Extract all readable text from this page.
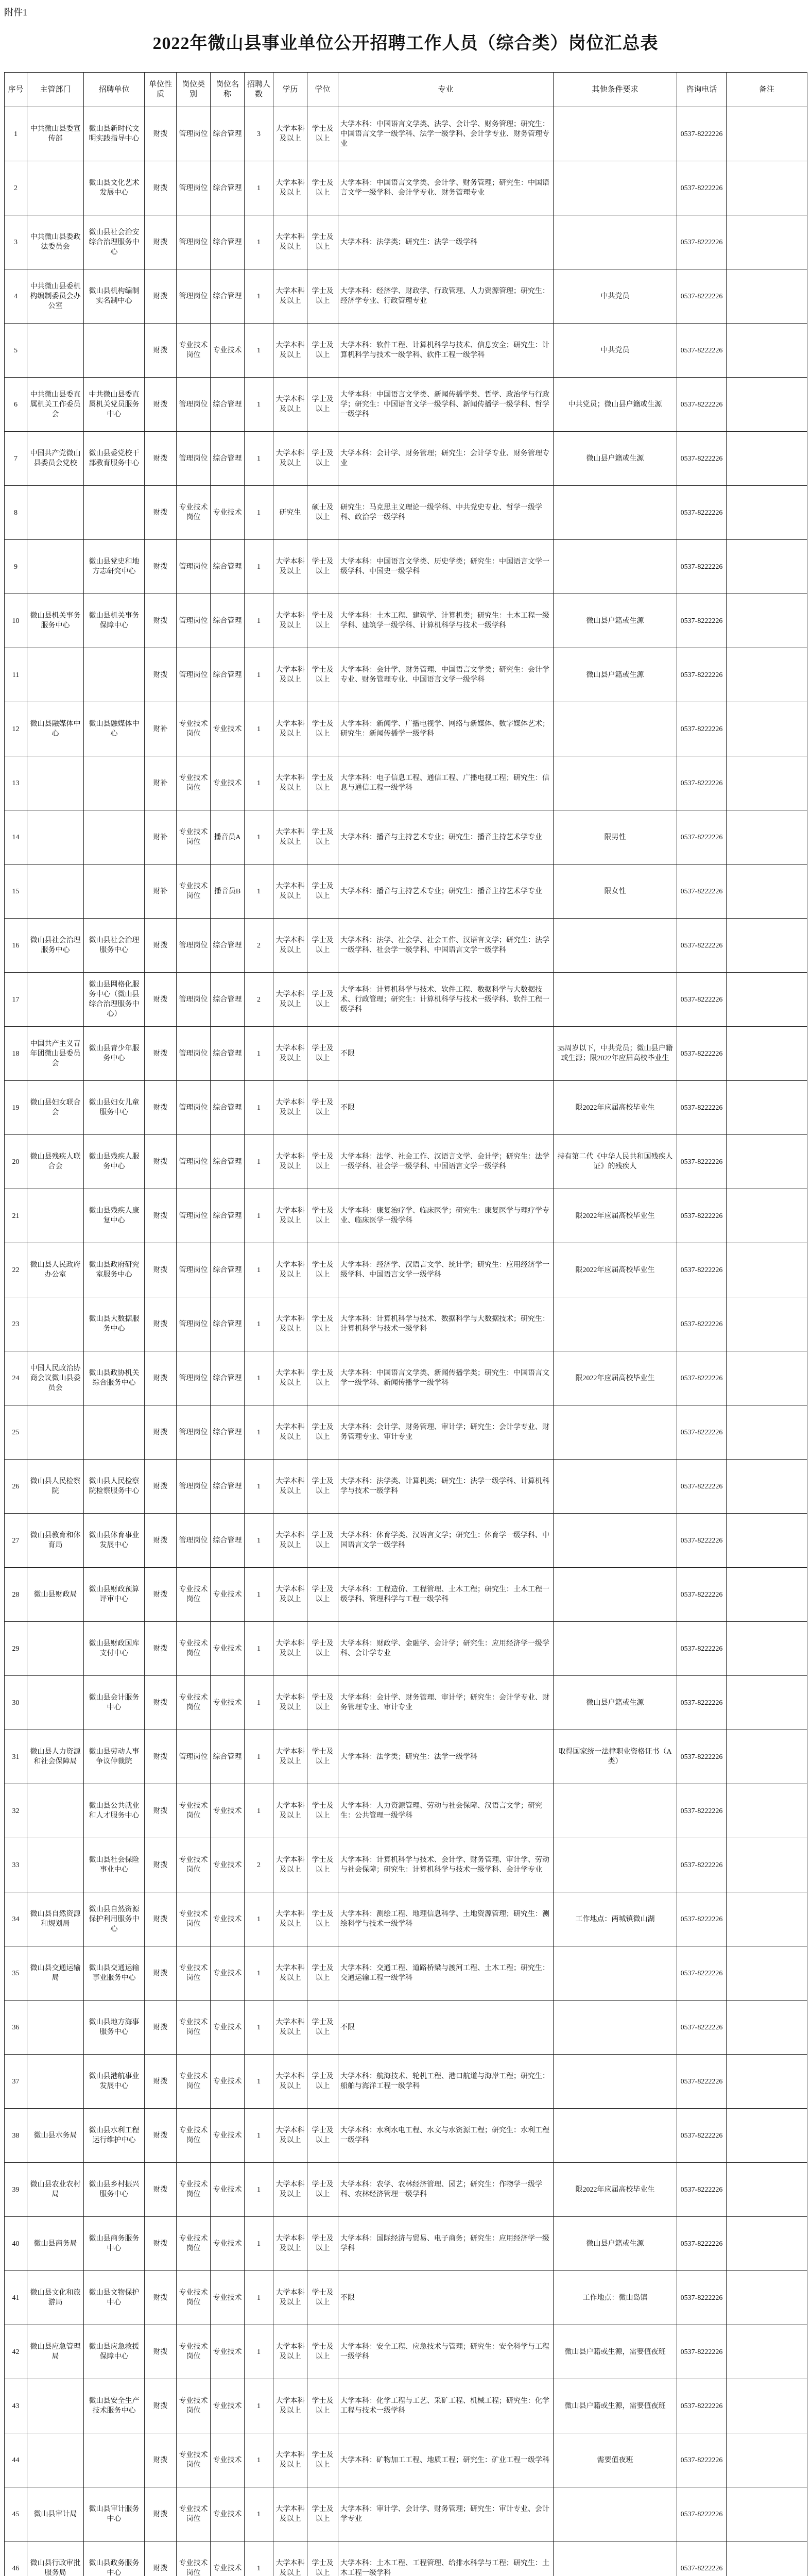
附件1
2022年微山县事业单位公开招聘工作人员（综合类）岗位汇总表
序号	主管部门	招聘单位	单位性质	岗位类别	岗位名称	招聘人数	学历	学位	专业	其他条件要求	咨询电话	备注
1	中共微山县委宣传部	微山县新时代文明实践指导中心	财拨	管理岗位	综合管理	3	大学本科及以上	学士及以上	大学本科：中国语言文学类、法学、会计学、财务管理；研究生：中国语言文学一级学科、法学一级学科、会计学专业、财务管理专业		0537-8222226	
2		微山县文化艺术发展中心	财拨	管理岗位	综合管理	1	大学本科及以上	学士及以上	大学本科：中国语言文学类、会计学、财务管理；研究生：中国语言文学一级学科、会计学专业、财务管理专业		0537-8222226	
3	中共微山县委政法委员会	微山县社会治安综合治理服务中心	财拨	管理岗位	综合管理	1	大学本科及以上	学士及以上	大学本科：法学类；研究生：法学一级学科		0537-8222226	
4	中共微山县委机构编制委员会办公室	微山县机构编制实名制中心	财拨	管理岗位	综合管理	1	大学本科及以上	学士及以上	大学本科：经济学、财政学、行政管理、人力资源管理；研究生：经济学专业、行政管理专业	中共党员	0537-8222226	
5			财拨	专业技术岗位	专业技术	1	大学本科及以上	学士及以上	大学本科：软件工程、计算机科学与技术、信息安全；研究生：计算机科学与技术一级学科、软件工程一级学科	中共党员	0537-8222226	
6	中共微山县委直属机关工作委员会	中共微山县委直属机关党员服务中心	财拨	管理岗位	综合管理	1	大学本科及以上	学士及以上	大学本科：中国语言文学类、新闻传播学类、哲学、政治学与行政学；研究生：中国语言文学一级学科、新闻传播学一级学科、哲学一级学科	中共党员；微山县户籍或生源	0537-8222226	
7	中国共产党微山县委员会党校	微山县委党校干部教育服务中心	财拨	管理岗位	综合管理	1	大学本科及以上	学士及以上	大学本科：会计学、财务管理；研究生：会计学专业、财务管理专业	微山县户籍或生源	0537-8222226	
8			财拨	专业技术岗位	专业技术	1	研究生	硕士及以上	研究生：马克思主义理论一级学科、中共党史专业、哲学一级学科、政治学一级学科		0537-8222226	
9		微山县党史和地方志研究中心	财拨	管理岗位	综合管理	1	大学本科及以上	学士及以上	大学本科：中国语言文学类、历史学类；研究生：中国语言文学一级学科、中国史一级学科		0537-8222226	
10	微山县机关事务服务中心	微山县机关事务保障中心	财拨	管理岗位	综合管理	1	大学本科及以上	学士及以上	大学本科：土木工程、建筑学、计算机类；研究生：土木工程一级学科、建筑学一级学科、计算机科学与技术一级学科	微山县户籍或生源	0537-8222226	
11			财拨	管理岗位	综合管理	1	大学本科及以上	学士及以上	大学本科：会计学、财务管理、中国语言文学类；研究生：会计学专业、财务管理专业、中国语言文学一级学科	微山县户籍或生源	0537-8222226	
12	微山县融媒体中心	微山县融媒体中心	财补	专业技术岗位	专业技术	1	大学本科及以上	学士及以上	大学本科：新闻学、广播电视学、网络与新媒体、数字媒体艺术；研究生：新闻传播学一级学科		0537-8222226	
13			财补	专业技术岗位	专业技术	1	大学本科及以上	学士及以上	大学本科：电子信息工程、通信工程、广播电视工程；研究生：信息与通信工程一级学科		0537-8222226	
14			财补	专业技术岗位	播音员A	1	大学本科及以上	学士及以上	大学本科：播音与主持艺术专业；研究生：播音主持艺术学专业	限男性	0537-8222226	
15			财补	专业技术岗位	播音员B	1	大学本科及以上	学士及以上	大学本科：播音与主持艺术专业；研究生：播音主持艺术学专业	限女性	0537-8222226	
16	微山县社会治理服务中心	微山县社会治理服务中心	财拨	管理岗位	综合管理	2	大学本科及以上	学士及以上	大学本科：法学、社会学、社会工作、汉语言文学；研究生：法学一级学科、社会学一级学科、中国语言文学一级学科		0537-8222226	
17		微山县网格化服务中心（微山县综合治理服务中心）	财拨	管理岗位	综合管理	2	大学本科及以上	学士及以上	大学本科：计算机科学与技术、软件工程、数据科学与大数据技术、行政管理；研究生：计算机科学与技术一级学科、软件工程一级学科		0537-8222226	
18	中国共产主义青年团微山县委员会	微山县青少年服务中心	财拨	管理岗位	综合管理	1	大学本科及以上	学士及以上	不限	35周岁以下，中共党员；微山县户籍或生源；限2022年应届高校毕业生	0537-8222226	
19	微山县妇女联合会	微山县妇女儿童服务中心	财拨	管理岗位	综合管理	1	大学本科及以上	学士及以上	不限	限2022年应届高校毕业生	0537-8222226	
20	微山县残疾人联合会	微山县残疾人服务中心	财拨	管理岗位	综合管理	1	大学本科及以上	学士及以上	大学本科：法学、社会工作、汉语言文学、会计学；研究生：法学一级学科、社会学一级学科、中国语言文学一级学科	持有第二代《中华人民共和国残疾人证》的残疾人	0537-8222226	
21		微山县残疾人康复中心	财拨	管理岗位	综合管理	1	大学本科及以上	学士及以上	大学本科：康复治疗学、临床医学；研究生：康复医学与理疗学专业、临床医学一级学科	限2022年应届高校毕业生	0537-8222226	
22	微山县人民政府办公室	微山县政府研究室服务中心	财拨	管理岗位	综合管理	1	大学本科及以上	学士及以上	大学本科：经济学、汉语言文学、统计学；研究生：应用经济学一级学科、中国语言文学一级学科	限2022年应届高校毕业生	0537-8222226	
23		微山县大数据服务中心	财拨	管理岗位	综合管理	1	大学本科及以上	学士及以上	大学本科：计算机科学与技术、数据科学与大数据技术；研究生：计算机科学与技术一级学科		0537-8222226	
24	中国人民政治协商会议微山县委员会	微山县政协机关综合服务中心	财拨	管理岗位	综合管理	1	大学本科及以上	学士及以上	大学本科：中国语言文学类、新闻传播学类；研究生：中国语言文学一级学科、新闻传播学一级学科	限2022年应届高校毕业生	0537-8222226	
25			财拨	管理岗位	综合管理	1	大学本科及以上	学士及以上	大学本科：会计学、财务管理、审计学；研究生：会计学专业、财务管理专业、审计专业		0537-8222226	
26	微山县人民检察院	微山县人民检察院检察服务中心	财拨	管理岗位	综合管理	1	大学本科及以上	学士及以上	大学本科：法学类、计算机类；研究生：法学一级学科、计算机科学与技术一级学科		0537-8222226	
27	微山县教育和体育局	微山县体育事业发展中心	财拨	管理岗位	综合管理	1	大学本科及以上	学士及以上	大学本科：体育学类、汉语言文学；研究生：体育学一级学科、中国语言文学一级学科		0537-8222226	
28	微山县财政局	微山县财政预算评审中心	财拨	专业技术岗位	专业技术	1	大学本科及以上	学士及以上	大学本科：工程造价、工程管理、土木工程；研究生：土木工程一级学科、管理科学与工程一级学科		0537-8222226	
29		微山县财政国库支付中心	财拨	专业技术岗位	专业技术	1	大学本科及以上	学士及以上	大学本科：财政学、金融学、会计学；研究生：应用经济学一级学科、会计学专业		0537-8222226	
30		微山县会计服务中心	财拨	专业技术岗位	专业技术	1	大学本科及以上	学士及以上	大学本科：会计学、财务管理、审计学；研究生：会计学专业、财务管理专业、审计专业	微山县户籍或生源	0537-8222226	
31	微山县人力资源和社会保障局	微山县劳动人事争议仲裁院	财拨	管理岗位	综合管理	1	大学本科及以上	学士及以上	大学本科：法学类；研究生：法学一级学科	取得国家统一法律职业资格证书（A类）	0537-8222226	
32		微山县公共就业和人才服务中心	财拨	专业技术岗位	专业技术	1	大学本科及以上	学士及以上	大学本科：人力资源管理、劳动与社会保障、汉语言文学；研究生：公共管理一级学科		0537-8222226	
33		微山县社会保险事业中心	财拨	专业技术岗位	专业技术	2	大学本科及以上	学士及以上	大学本科：计算机科学与技术、会计学、财务管理、审计学、劳动与社会保障；研究生：计算机科学与技术一级学科、会计学专业		0537-8222226	
34	微山县自然资源和规划局	微山县自然资源保护利用服务中心	财拨	专业技术岗位	专业技术	1	大学本科及以上	学士及以上	大学本科：测绘工程、地理信息科学、土地资源管理；研究生：测绘科学与技术一级学科	工作地点：两城镇微山湖	0537-8222226	
35	微山县交通运输局	微山县交通运输事业服务中心	财拨	专业技术岗位	专业技术	1	大学本科及以上	学士及以上	大学本科：交通工程、道路桥梁与渡河工程、土木工程；研究生：交通运输工程一级学科		0537-8222226	
36		微山县地方海事服务中心	财拨	专业技术岗位	专业技术	1	大学本科及以上	学士及以上	不限		0537-8222226	
37		微山县港航事业发展中心	财拨	专业技术岗位	专业技术	1	大学本科及以上	学士及以上	大学本科：航海技术、轮机工程、港口航道与海岸工程；研究生：船舶与海洋工程一级学科		0537-8222226	
38	微山县水务局	微山县水利工程运行维护中心	财拨	专业技术岗位	专业技术	1	大学本科及以上	学士及以上	大学本科：水利水电工程、水文与水资源工程；研究生：水利工程一级学科		0537-8222226	
39	微山县农业农村局	微山县乡村振兴服务中心	财拨	专业技术岗位	专业技术	1	大学本科及以上	学士及以上	大学本科：农学、农林经济管理、园艺；研究生：作物学一级学科、农林经济管理一级学科	限2022年应届高校毕业生	0537-8222226	
40	微山县商务局	微山县商务服务中心	财拨	专业技术岗位	专业技术	1	大学本科及以上	学士及以上	大学本科：国际经济与贸易、电子商务；研究生：应用经济学一级学科	微山县户籍或生源	0537-8222226	
41	微山县文化和旅游局	微山县文物保护中心	财拨	专业技术岗位	专业技术	1	大学本科及以上	学士及以上	不限	工作地点：微山岛镇	0537-8222226	
42	微山县应急管理局	微山县应急救援保障中心	财拨	专业技术岗位	专业技术	1	大学本科及以上	学士及以上	大学本科：安全工程、应急技术与管理；研究生：安全科学与工程一级学科	微山县户籍或生源，需要值夜班	0537-8222226	
43		微山县安全生产技术服务中心	财拨	专业技术岗位	专业技术	1	大学本科及以上	学士及以上	大学本科：化学工程与工艺、采矿工程、机械工程；研究生：化学工程与技术一级学科	微山县户籍或生源，需要值夜班	0537-8222226	
44			财拨	专业技术岗位	专业技术	1	大学本科及以上	学士及以上	大学本科：矿物加工工程、地质工程；研究生：矿业工程一级学科	需要值夜班	0537-8222226	
45	微山县审计局	微山县审计服务中心	财拨	专业技术岗位	专业技术	1	大学本科及以上	学士及以上	大学本科：审计学、会计学、财务管理；研究生：审计专业、会计学专业		0537-8222226	
46	微山县行政审批服务局	微山县政务服务中心	财拨	专业技术岗位	专业技术	1	大学本科及以上	学士及以上	大学本科：土木工程、工程管理、给排水科学与工程；研究生：土木工程一级学科		0537-8222226	
